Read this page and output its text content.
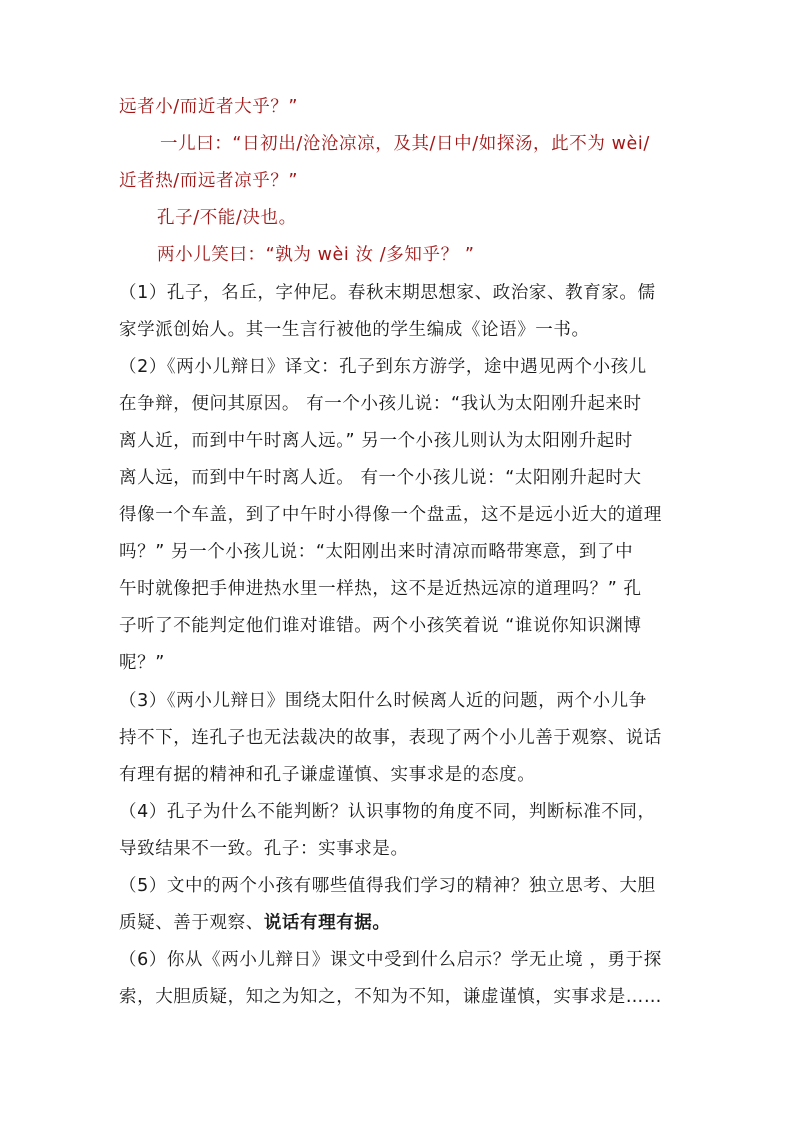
远者小/而近者大乎？”
一儿曰：“日初出/沧沧凉凉，及其/日中/如探汤，此不为 wèi/
近者热/而远者凉乎？”
孔子/不能/决也。
两小儿笑曰：“孰为 wèi 汝 /多知乎？ ”
（1）孔子，名丘，字仲尼。春秋末期思想家、政治家、教育家。儒
家学派创始人。其一生言行被他的学生编成《论语》一书。
（2）《两小儿辩日》译文：孔子到东方游学，途中遇见两个小孩儿
在争辩，便问其原因。 有一个小孩儿说：“我认为太阳刚升起来时
离人近，而到中午时离人远。” 另一个小孩儿则认为太阳刚升起时
离人远，而到中午时离人近。 有一个小孩儿说：“太阳刚升起时大
得像一个车盖，到了中午时小得像一个盘盂，这不是远小近大的道理
吗？” 另一个小孩儿说：“太阳刚出来时清凉而略带寒意，到了中
午时就像把手伸进热水里一样热，这不是近热远凉的道理吗？” 孔
子听了不能判定他们谁对谁错。两个小孩笑着说 “谁说你知识渊博
呢？”
（3）《两小儿辩日》围绕太阳什么时候离人近的问题，两个小儿争
持不下，连孔子也无法裁决的故事，表现了两个小儿善于观察、说话
有理有据的精神和孔子谦虚谨慎、实事求是的态度。
（4）孔子为什么不能判断？认识事物的角度不同，判断标准不同，
导致结果不一致。孔子：实事求是。
（5）文中的两个小孩有哪些值得我们学习的精神？独立思考、大胆
质疑、善于观察、说话有理有据。
（6）你从《两小儿辩日》课文中受到什么启示？学无止境 ，勇于探
索，大胆质疑，知之为知之，不知为不知，谦虚谨慎，实事求是……
